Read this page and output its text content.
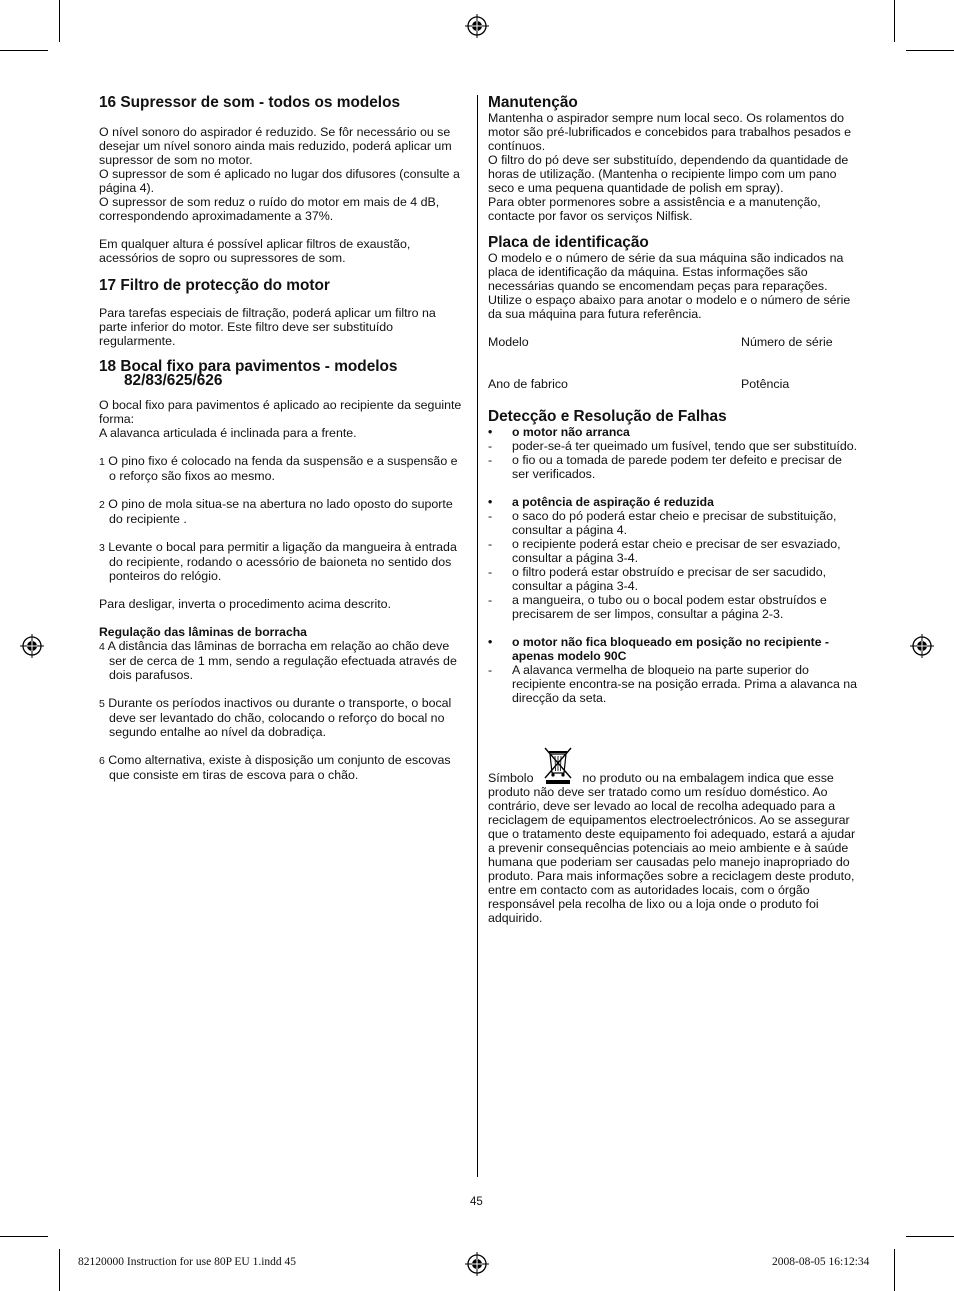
16 Supressor de som - todos os modelos

O nível sonoro do aspirador é reduzido. Se fôr necessário ou se desejar um nível sonoro ainda mais reduzido, poderá aplicar um supressor de som no motor.

O supressor de som é aplicado no lugar dos difusores (consulte a página 4).

O supressor de som reduz o ruído do motor em mais de 4 dB, correspondendo aproximadamente a 37%.

Em qualquer altura é possível aplicar filtros de exaustão, acessórios de sopro ou supressores de som.

17 Filtro de protecção do motor

Para tarefas especiais de filtração, poderá aplicar um filtro na parte inferior do motor. Este filtro deve ser substituído regularmente.

18 Bocal fixo para pavimentos - modelos
82/83/625/626

O bocal fixo para pavimentos é aplicado ao recipiente da seguinte forma:

A alavanca articulada é inclinada para a frente.

1 O pino fixo é colocado na fenda da suspensão e a suspensão e o reforço são fixos ao mesmo.

2 O pino de mola situa-se na abertura no lado oposto do suporte do recipiente .

3 Levante o bocal para permitir a ligação da mangueira à entrada do recipiente, rodando o acessório de baioneta no sentido dos ponteiros do relógio.

Para desligar, inverta o procedimento acima descrito.

Regulação das lâminas de borracha

4 A distância das lâminas de borracha em relação ao chão deve ser de cerca de 1 mm, sendo a regulação efectuada através de dois parafusos.

5 Durante os períodos inactivos ou durante o transporte, o bocal deve ser levantado do chão, colocando o reforço do bocal no segundo entalhe ao nível da dobradiça.

6 Como alternativa, existe à disposição um conjunto de escovas que consiste em tiras de escova para o chão.

Manutenção

Mantenha o aspirador sempre num local seco. Os rolamentos do motor são pré-lubrificados e concebidos para trabalhos pesados e contínuos.

O filtro do pó deve ser substituído, dependendo da quantidade de horas de utilização. (Mantenha o recipiente limpo com um pano seco e uma pequena quantidade de polish em spray).

Para obter pormenores sobre a assistência e a manutenção, contacte por favor os serviços Nilfisk.

Placa de identificação

O modelo e o número de série da sua máquina são indicados na placa de identificação da máquina. Estas informações são necessárias quando se encomendam peças para reparações. Utilize o espaço abaixo para anotar o modelo e o número de série da sua máquina para futura referência.

Modelo	Número de série
Ano de fabrico	Potência
Detecção e Resolução de Falhas
•	o motor não arranca
-	poder-se-á ter queimado um fusível, tendo que ser substituído.
-	o fio ou a tomada de parede podem ter defeito e precisar de ser verificados.
•	a potência de aspiração é reduzida
-	o saco do pó poderá estar cheio e precisar de substituição, consultar a página 4.
-	o recipiente poderá estar cheio e precisar de ser esvaziado, consultar a página 3-4.
-	o filtro poderá estar obstruído e precisar de ser sacudido, consultar a página 3-4.
-	a mangueira, o tubo ou o bocal podem estar obstruídos e precisarem de ser limpos, consultar a página 2-3.
•	o motor não fica bloqueado em posição no recipiente - apenas modelo 90C
-	A alavanca vermelha de bloqueio na parte superior do recipiente encontra-se na posição errada. Prima a alavanca na direcção da seta.

Símbolo	no produto ou na embalagem indica que esse produto não deve ser tratado como um resíduo doméstico. Ao contrário, deve ser levado ao local de recolha adequado para a reciclagem de equipamentos electroelectrónicos. Ao se assegurar que o tratamento deste equipamento foi adequado, estará a ajudar a prevenir consequências potenciais ao meio ambiente e à saúde humana que poderiam ser causadas pelo manejo inapropriado do produto. Para mais informações sobre a reciclagem deste produto, entre em contacto com as autoridades locais, com o órgão responsável pela recolha de lixo ou a loja onde o produto foi adquirido.

45
82120000 Instruction for use 80P EU 1.indd 45	2008-08-05 16:12:34
